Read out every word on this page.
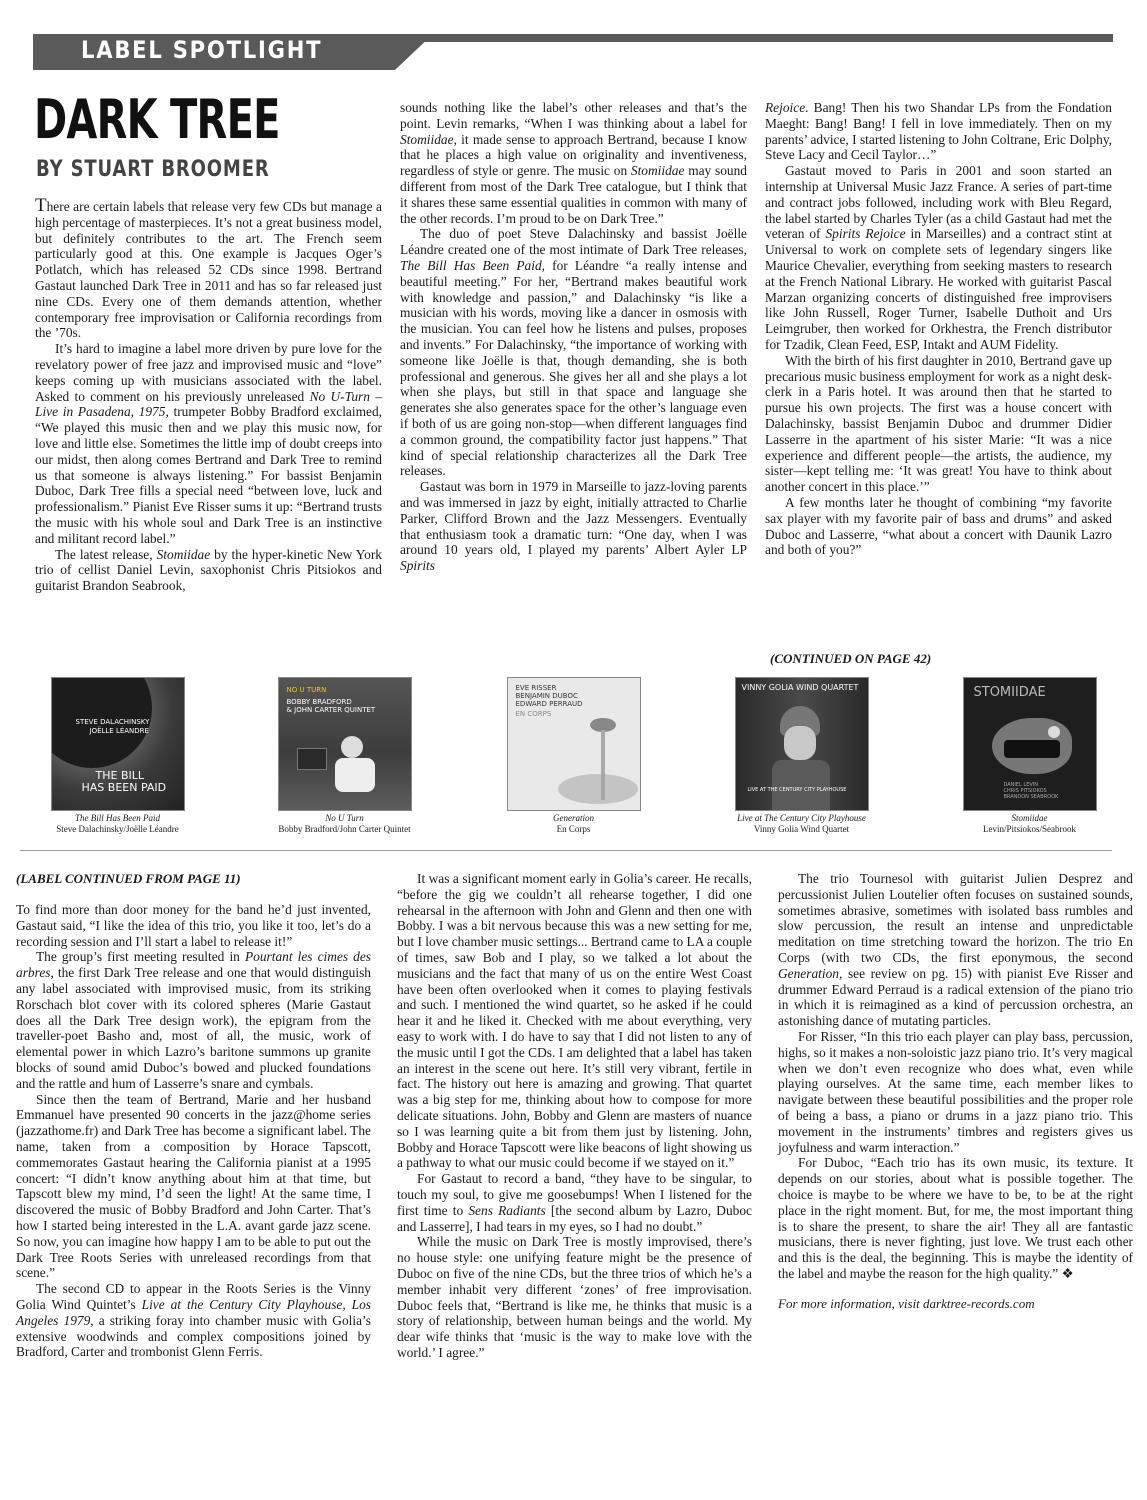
LABEL SPOTLIGHT
DARK TREE
BY STUART BROOMER

There are certain labels that release very few CDs but manage a high percentage of masterpieces. It’s not a great business model, but definitely contributes to the art. The French seem particularly good at this. One example is Jacques Oger’s Potlatch, which has released 52 CDs since 1998. Bertrand Gastaut launched Dark Tree in 2011 and has so far released just nine CDs. Every one of them demands attention, whether contemporary free improvisation or California recordings from the ’70s.

It’s hard to imagine a label more driven by pure love for the revelatory power of free jazz and improvised music and “love” keeps coming up with musicians associated with the label. Asked to comment on his previously unreleased No U-Turn – Live in Pasadena, 1975, trumpeter Bobby Bradford exclaimed, “We played this music then and we play this music now, for love and little else. Sometimes the little imp of doubt creeps into our midst, then along comes Bertrand and Dark Tree to remind us that someone is always listening.” For bassist Benjamin Duboc, Dark Tree fills a special need “between love, luck and professionalism.” Pianist Eve Risser sums it up: “Bertrand trusts the music with his whole soul and Dark Tree is an instinctive and militant record label.”

The latest release, Stomiidae by the hyper-kinetic New York trio of cellist Daniel Levin, saxophonist Chris Pitsiokos and guitarist Brandon Seabrook,

sounds nothing like the label’s other releases and that’s the point. Levin remarks, “When I was thinking about a label for Stomiidae, it made sense to approach Bertrand, because I know that he places a high value on originality and inventiveness, regardless of style or genre. The music on Stomiidae may sound different from most of the Dark Tree catalogue, but I think that it shares these same essential qualities in common with many of the other records. I’m proud to be on Dark Tree.”

The duo of poet Steve Dalachinsky and bassist Joëlle Léandre created one of the most intimate of Dark Tree releases, The Bill Has Been Paid, for Léandre “a really intense and beautiful meeting.” For her, “Bertrand makes beautiful work with knowledge and passion,” and Dalachinsky “is like a musician with his words, moving like a dancer in osmosis with the musician. You can feel how he listens and pulses, proposes and invents.” For Dalachinsky, “the importance of working with someone like Joëlle is that, though demanding, she is both professional and generous. She gives her all and she plays a lot when she plays, but still in that space and language she generates she also generates space for the other’s language even if both of us are going non-stop—when different languages find a common ground, the compatibility factor just happens.” That kind of special relationship characterizes all the Dark Tree releases.

Gastaut was born in 1979 in Marseille to jazz-loving parents and was immersed in jazz by eight, initially attracted to Charlie Parker, Clifford Brown and the Jazz Messengers. Eventually that enthusiasm took a dramatic turn: “One day, when I was around 10 years old, I played my parents’ Albert Ayler LP Spirits

Rejoice. Bang! Then his two Shandar LPs from the Fondation Maeght: Bang! Bang! I fell in love immediately. Then on my parents’ advice, I started listening to John Coltrane, Eric Dolphy, Steve Lacy and Cecil Taylor…”

Gastaut moved to Paris in 2001 and soon started an internship at Universal Music Jazz France. A series of part-time and contract jobs followed, including work with Bleu Regard, the label started by Charles Tyler (as a child Gastaut had met the veteran of Spirits Rejoice in Marseilles) and a contract stint at Universal to work on complete sets of legendary singers like Maurice Chevalier, everything from seeking masters to research at the French National Library. He worked with guitarist Pascal Marzan organizing concerts of distinguished free improvisers like John Russell, Roger Turner, Isabelle Duthoit and Urs Leimgruber, then worked for Orkhestra, the French distributor for Tzadik, Clean Feed, ESP, Intakt and AUM Fidelity.

With the birth of his first daughter in 2010, Bertrand gave up precarious music business employment for work as a night desk-clerk in a Paris hotel. It was around then that he started to pursue his own projects. The first was a house concert with Dalachinsky, bassist Benjamin Duboc and drummer Didier Lasserre in the apartment of his sister Marie: “It was a nice experience and different people—the artists, the audience, my sister—kept telling me: ‘It was great! You have to think about another concert in this place.’”

A few months later he thought of combining “my favorite sax player with my favorite pair of bass and drums” and asked Duboc and Lasserre, “what about a concert with Daunik Lazro and both of you?”

(CONTINUED ON PAGE 42)
STEVE DALACHINSKY
JOËLLE LÉANDRE
THE BILL
HAS BEEN PAID
The Bill Has Been Paid
Steve Dalachinsky/Joëlle Léandre
NO U TURN
BOBBY BRADFORD
& JOHN CARTER QUINTET
No U Turn
Bobby Bradford/John Carter Quintet
EVE RISSER
BENJAMIN DUBOC
EDWARD PERRAUD
EN CORPS
Generation
En Corps
VINNY GOLIA WIND QUARTET
LIVE AT THE CENTURY CITY PLAYHOUSE
Live at The Century City Playhouse
Vinny Golia Wind Quartet
STOMIIDAE
DANIEL LEVIN
CHRIS PITSIOKOS
BRANDON SEABROOK
Stomiidae
Levin/Pitsiokos/Seabrook
(LABEL CONTINUED FROM PAGE 11)

To find more than door money for the band he’d just invented, Gastaut said, “I like the idea of this trio, you like it too, let’s do a recording session and I’ll start a label to release it!”

The group’s first meeting resulted in Pourtant les cimes des arbres, the first Dark Tree release and one that would distinguish any label associated with improvised music, from its striking Rorschach blot cover with its colored spheres (Marie Gastaut does all the Dark Tree design work), the epigram from the traveller-poet Basho and, most of all, the music, work of elemental power in which Lazro’s baritone summons up granite blocks of sound amid Duboc’s bowed and plucked foundations and the rattle and hum of Lasserre’s snare and cymbals.

Since then the team of Bertrand, Marie and her husband Emmanuel have presented 90 concerts in the jazz@home series (jazzathome.fr) and Dark Tree has become a significant label. The name, taken from a composition by Horace Tapscott, commemorates Gastaut hearing the California pianist at a 1995 concert: “I didn’t know anything about him at that time, but Tapscott blew my mind, I’d seen the light! At the same time, I discovered the music of Bobby Bradford and John Carter. That’s how I started being interested in the L.A. avant garde jazz scene. So now, you can imagine how happy I am to be able to put out the Dark Tree Roots Series with unreleased recordings from that scene.”

The second CD to appear in the Roots Series is the Vinny Golia Wind Quintet’s Live at the Century City Playhouse, Los Angeles 1979, a striking foray into chamber music with Golia’s extensive woodwinds and complex compositions joined by Bradford, Carter and trombonist Glenn Ferris.

It was a significant moment early in Golia’s career. He recalls, “before the gig we couldn’t all rehearse together, I did one rehearsal in the afternoon with John and Glenn and then one with Bobby. I was a bit nervous because this was a new setting for me, but I love chamber music settings... Bertrand came to LA a couple of times, saw Bob and I play, so we talked a lot about the musicians and the fact that many of us on the entire West Coast have been often overlooked when it comes to playing festivals and such. I mentioned the wind quartet, so he asked if he could hear it and he liked it. Checked with me about everything, very easy to work with. I do have to say that I did not listen to any of the music until I got the CDs. I am delighted that a label has taken an interest in the scene out here. It’s still very vibrant, fertile in fact. The history out here is amazing and growing. That quartet was a big step for me, thinking about how to compose for more delicate situations. John, Bobby and Glenn are masters of nuance so I was learning quite a bit from them just by listening. John, Bobby and Horace Tapscott were like beacons of light showing us a pathway to what our music could become if we stayed on it.”

For Gastaut to record a band, “they have to be singular, to touch my soul, to give me goosebumps! When I listened for the first time to Sens Radiants [the second album by Lazro, Duboc and Lasserre], I had tears in my eyes, so I had no doubt.”

While the music on Dark Tree is mostly improvised, there’s no house style: one unifying feature might be the presence of Duboc on five of the nine CDs, but the three trios of which he’s a member inhabit very different ‘zones’ of free improvisation. Duboc feels that, “Bertrand is like me, he thinks that music is a story of relationship, between human beings and the world. My dear wife thinks that ‘music is the way to make love with the world.’ I agree.”

The trio Tournesol with guitarist Julien Desprez and percussionist Julien Loutelier often focuses on sustained sounds, sometimes abrasive, sometimes with isolated bass rumbles and slow percussion, the result an intense and unpredictable meditation on time stretching toward the horizon. The trio En Corps (with two CDs, the first eponymous, the second Generation, see review on pg. 15) with pianist Eve Risser and drummer Edward Perraud is a radical extension of the piano trio in which it is reimagined as a kind of percussion orchestra, an astonishing dance of mutating particles.

For Risser, “In this trio each player can play bass, percussion, highs, so it makes a non-soloistic jazz piano trio. It’s very magical when we don’t even recognize who does what, even while playing ourselves. At the same time, each member likes to navigate between these beautiful possibilities and the proper role of being a bass, a piano or drums in a jazz piano trio. This movement in the instruments’ timbres and registers gives us joyfulness and warm interaction.”

For Duboc, “Each trio has its own music, its texture. It depends on our stories, about what is possible together. The choice is maybe to be where we have to be, to be at the right place in the right moment. But, for me, the most important thing is to share the present, to share the air! They all are fantastic musicians, there is never fighting, just love. We trust each other and this is the deal, the beginning. This is maybe the identity of the label and maybe the reason for the high quality.” ❖

For more information, visit darktree-records.com
